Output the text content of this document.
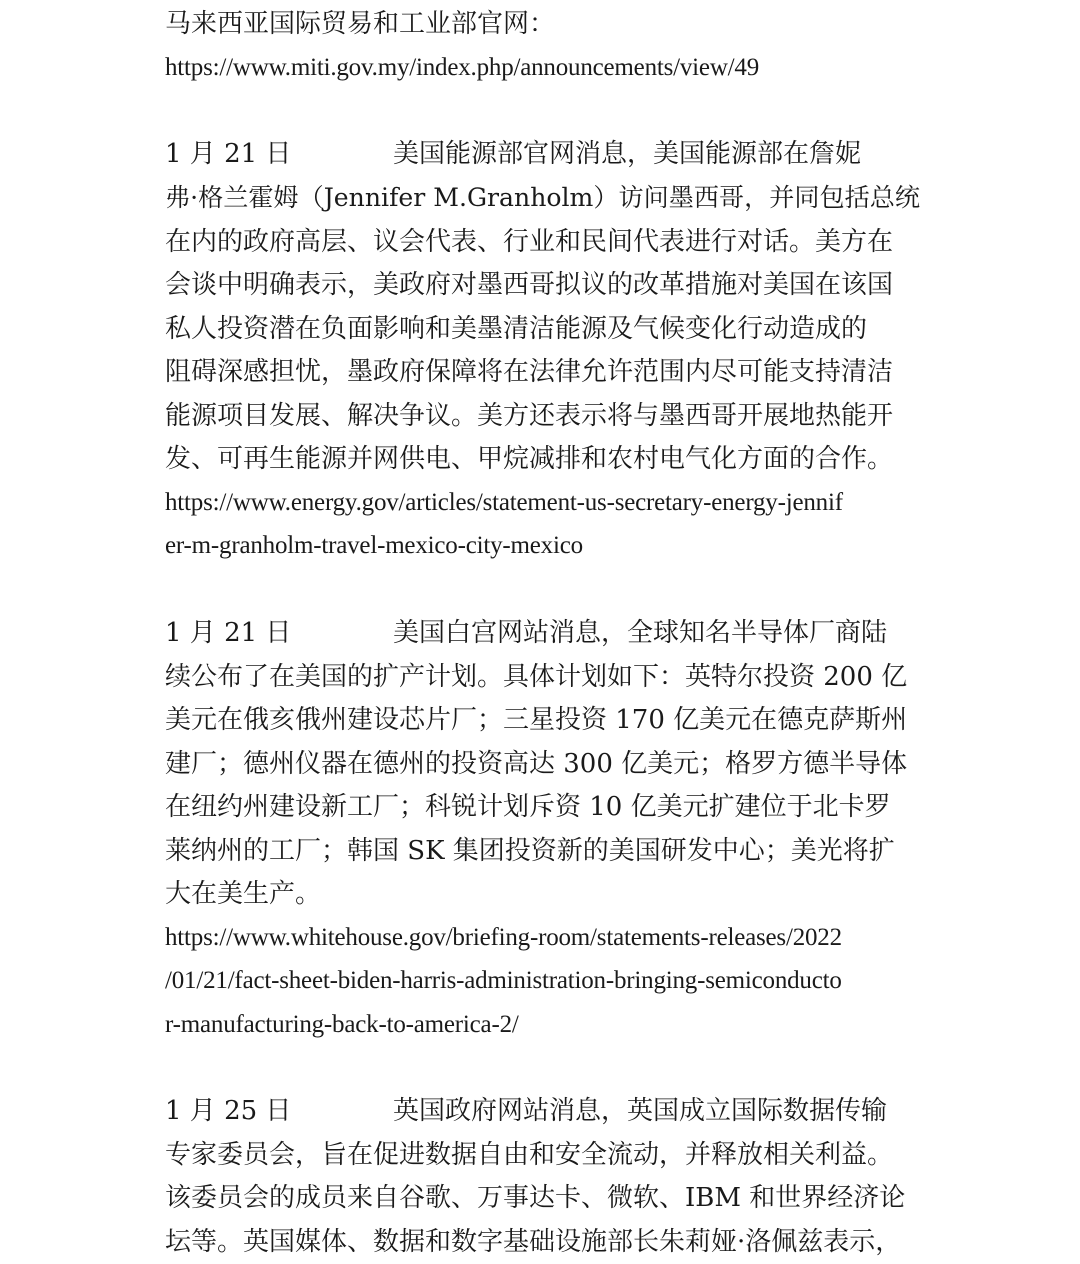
马来西亚国际贸易和工业部官网：
https://www.miti.gov.my/index.php/announcements/view/49
1 月 21 日	美国能源部官网消息，美国能源部在詹妮
弗·格兰霍姆（Jennifer M.Granholm）访问墨西哥，并同包括总统
在内的政府高层、议会代表、行业和民间代表进行对话。美方在
会谈中明确表示，美政府对墨西哥拟议的改革措施对美国在该国
私人投资潜在负面影响和美墨清洁能源及气候变化行动造成的
阻碍深感担忧，墨政府保障将在法律允许范围内尽可能支持清洁
能源项目发展、解决争议。美方还表示将与墨西哥开展地热能开
发、可再生能源并网供电、甲烷减排和农村电气化方面的合作。
https://www.energy.gov/articles/statement-us-secretary-energy-jennif
er-m-granholm-travel-mexico-city-mexico
1 月 21 日	美国白宫网站消息，全球知名半导体厂商陆
续公布了在美国的扩产计划。具体计划如下：英特尔投资 200 亿
美元在俄亥俄州建设芯片厂；三星投资 170 亿美元在德克萨斯州
建厂；德州仪器在德州的投资高达 300 亿美元；格罗方德半导体
在纽约州建设新工厂；科锐计划斥资 10 亿美元扩建位于北卡罗
莱纳州的工厂；韩国 SK 集团投资新的美国研发中心；美光将扩
大在美生产。
https://www.whitehouse.gov/briefing-room/statements-releases/2022
/01/21/fact-sheet-biden-harris-administration-bringing-semiconducto
r-manufacturing-back-to-america-2/
1 月 25 日	英国政府网站消息，英国成立国际数据传输
专家委员会，旨在促进数据自由和安全流动，并释放相关利益。
该委员会的成员来自谷歌、万事达卡、微软、IBM 和世界经济论
坛等。英国媒体、数据和数字基础设施部长朱莉娅·洛佩兹表示，
